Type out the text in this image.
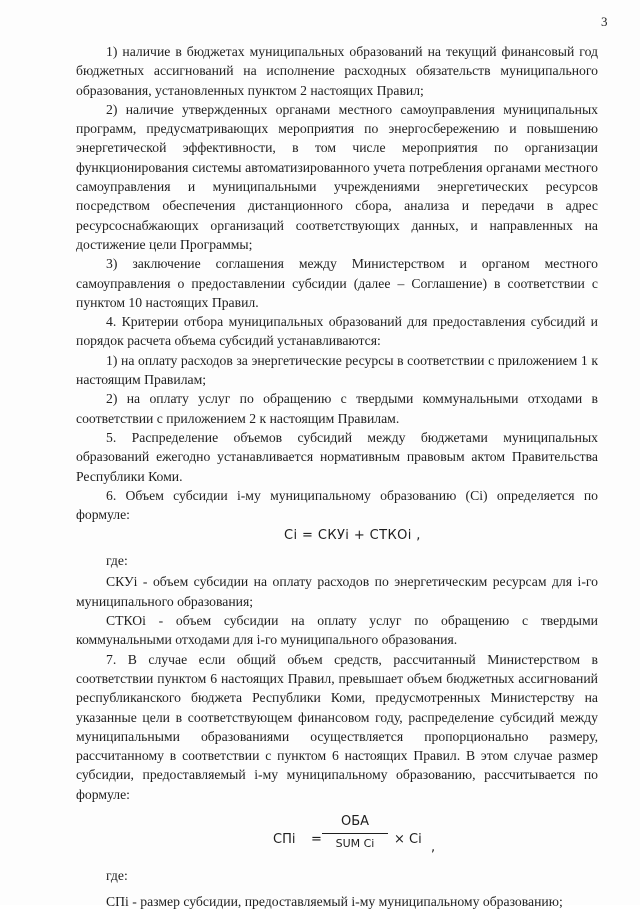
3

1) наличие в бюджетах муниципальных образований на текущий финансовый год бюджетных ассигнований на исполнение расходных обязательств муниципального образования, установленных пунктом 2 настоящих Правил;

2) наличие утвержденных органами местного самоуправления муниципальных программ, предусматривающих мероприятия по энергосбережению и повышению энергетической эффективности, в том числе мероприятия по организации функционирования системы автоматизированного учета потребления органами местного самоуправления и муниципальными учреждениями энергетических ресурсов посредством обеспечения дистанционного сбора, анализа и передачи в адрес ресурсоснабжающих организаций соответствующих данных, и направленных на достижение цели Программы;

3) заключение соглашения между Министерством и органом местного самоуправления о предоставлении субсидии (далее – Соглашение) в соответствии с пунктом 10 настоящих Правил.

4. Критерии отбора муниципальных образований для предоставления субсидий и порядок расчета объема субсидий устанавливаются:

1) на оплату расходов за энергетические ресурсы в соответствии с приложением 1 к настоящим Правилам;

2) на оплату услуг по обращению с твердыми коммунальными отходами в соответствии с приложением 2 к настоящим Правилам.

5. Распределение объемов субсидий между бюджетами муниципальных образований ежегодно устанавливается нормативным правовым актом Правительства Республики Коми.

6. Объем субсидии i-му муниципальному образованию (Ci) определяется по формуле:

Ci = СКУi + СТКОi ,

где:

СКУi - объем субсидии на оплату расходов по энергетическим ресурсам для i-го муниципального образования;

СТКОi - объем субсидии на оплату услуг по обращению с твердыми коммунальными отходами для i-го муниципального образования.

7. В случае если общий объем средств, рассчитанный Министерством в соответствии пунктом 6 настоящих Правил, превышает объем бюджетных ассигнований республиканского бюджета Республики Коми, предусмотренных Министерству на указанные цели в соответствующем финансовом году, распределение субсидий между муниципальными образованиями осуществляется пропорционально размеру, рассчитанному в соответствии с пунктом 6 настоящих Правил. В этом случае размер субсидии, предоставляемый i-му муниципальному образованию, рассчитывается по формуле:

СПi =
ОБА
SUM Ci	× Ci
,
где:

СПi - размер субсидии, предоставляемый i-му муниципальному образованию;
